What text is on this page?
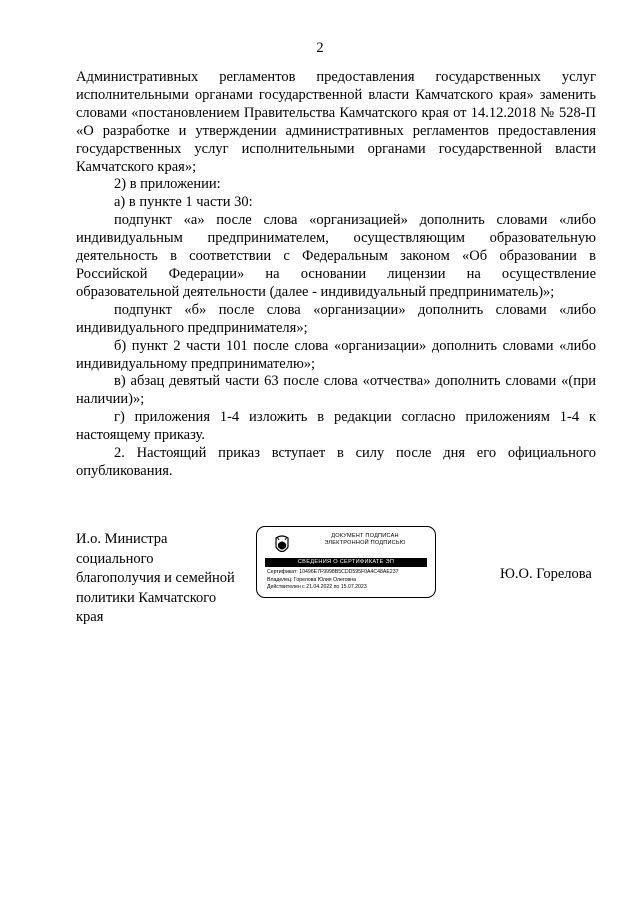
2

Административных регламентов предоставления государственных услуг исполнительными органами государственной власти Камчатского края» заменить словами «постановлением Правительства Камчатского края от 14.12.2018 № 528-П «О разработке и утверждении административных регламентов предоставления государственных услуг исполнительными органами государственной власти Камчатского края»;

2) в приложении:

а) в пункте 1 части 30:

подпункт «а» после слова «организацией» дополнить словами «либо индивидуальным предпринимателем, осуществляющим образовательную деятельность в соответствии с Федеральным законом «Об образовании в Российской Федерации» на основании лицензии на осуществление образовательной деятельности (далее - индивидуальный предприниматель)»;

подпункт «б» после слова «организации» дополнить словами «либо индивидуального предпринимателя»;

б) пункт 2 части 101 после слова «организации» дополнить словами «либо индивидуальному предпринимателю»;

в) абзац девятый части 63 после слова «отчества» дополнить словами «(при наличии)»;

г) приложения 1-4 изложить в редакции согласно приложениям 1-4 к настоящему приказу.

2. Настоящий приказ вступает в силу после дня его официального опубликования.

И.о. Министра
социального
благополучия и семейной
политики Камчатского
края
ДОКУМЕНТ ПОДПИСАН
ЭЛЕКТРОННОЙ ПОДПИСЬЮ
СВЕДЕНИЯ О СЕРТИФИКАТЕ ЭП
Сертификат: 10496E7F9998B5CDD595F0A4C48AE237
Владелец: Горелова Юлия Олеговна
Действителен с 21.04.2022 по 15.07.2023
Ю.О. Горелова
